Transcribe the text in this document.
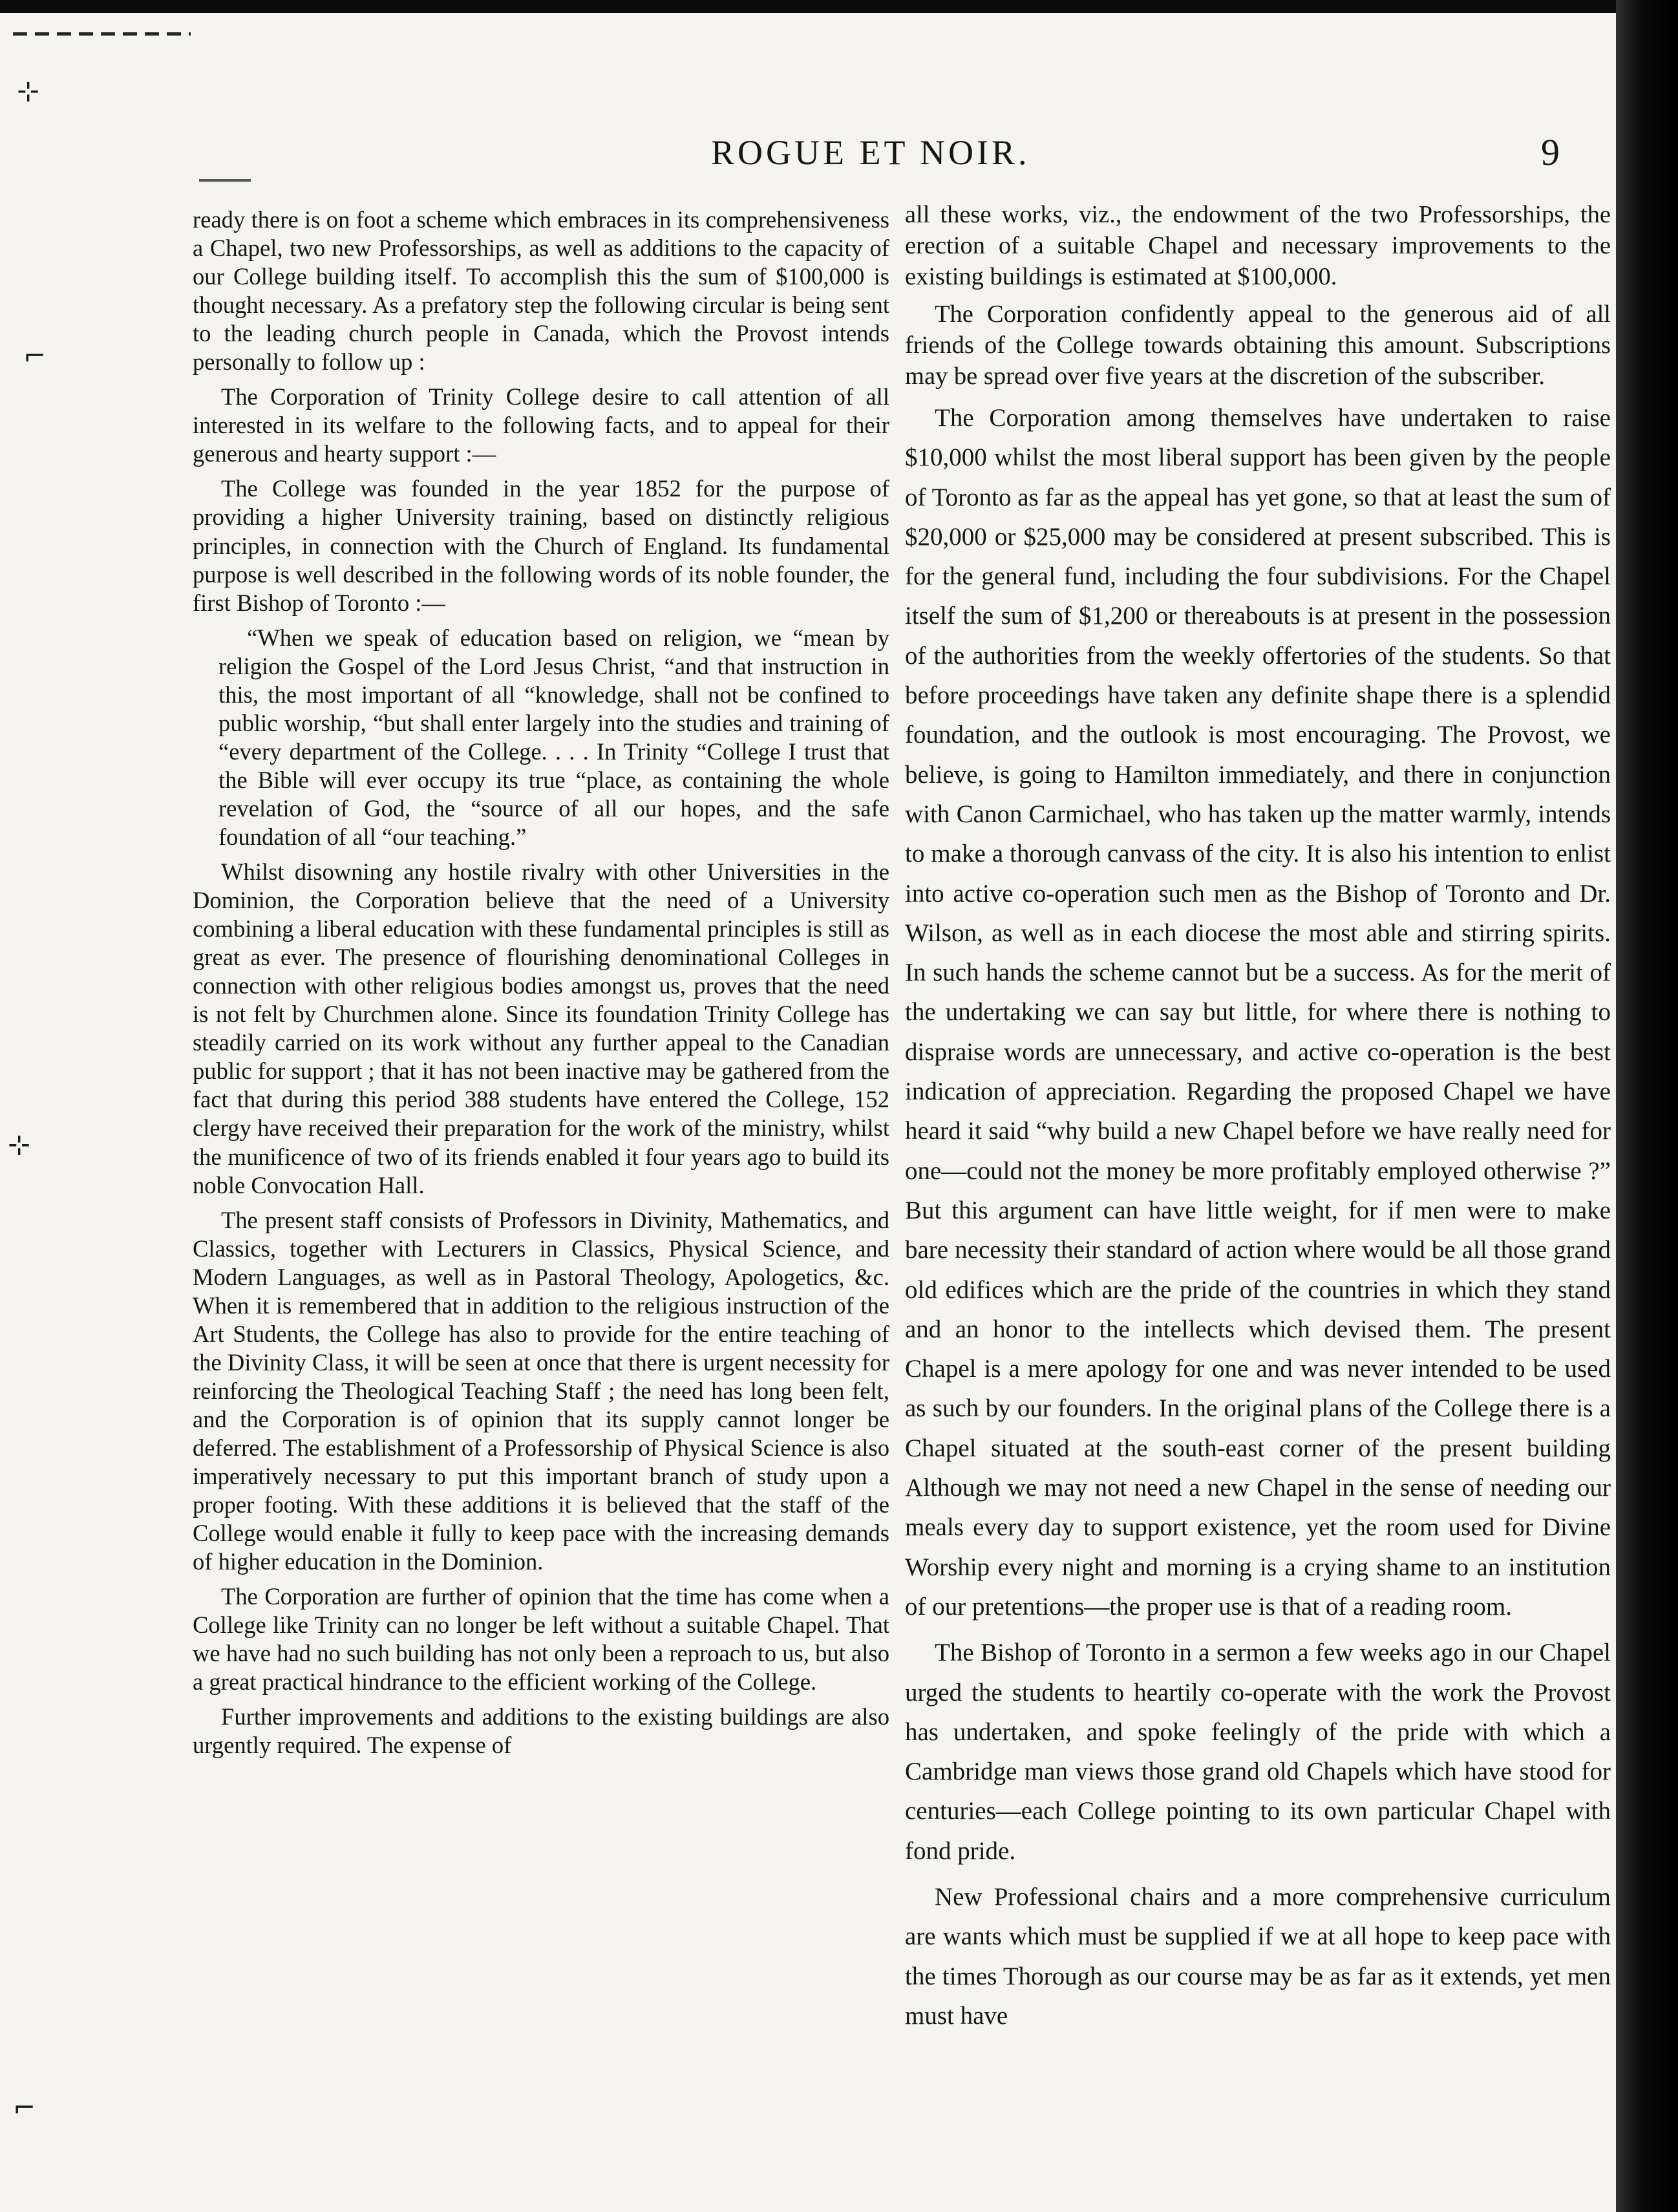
⊹
⌐
⊹
⌐
ROGUE ET NOIR.	9

ready there is on foot a scheme which embraces in its comprehensiveness a Chapel, two new Professorships, as well as additions to the capacity of our College building itself. To accomplish this the sum of $100,000 is thought necessary. As a prefatory step the following circular is being sent to the leading church people in Canada, which the Provost intends personally to follow up :

The Corporation of Trinity College desire to call attention of all interested in its welfare to the following facts, and to appeal for their generous and hearty support :—

The College was founded in the year 1852 for the purpose of providing a higher University training, based on distinctly religious principles, in connection with the Church of England. Its fundamental purpose is well described in the following words of its noble founder, the first Bishop of Toronto :—

“When we speak of education based on religion, we “mean by religion the Gospel of the Lord Jesus Christ, “and that instruction in this, the most important of all “knowledge, shall not be confined to public worship, “but shall enter largely into the studies and training of “every department of the College. . . . In Trinity “College I trust that the Bible will ever occupy its true “place, as containing the whole revelation of God, the “source of all our hopes, and the safe foundation of all “our teaching.”

Whilst disowning any hostile rivalry with other Universities in the Dominion, the Corporation believe that the need of a University combining a liberal education with these fundamental principles is still as great as ever. The presence of flourishing denominational Colleges in connection with other religious bodies amongst us, proves that the need is not felt by Churchmen alone. Since its foundation Trinity College has steadily carried on its work without any further appeal to the Canadian public for support ; that it has not been inactive may be gathered from the fact that during this period 388 students have entered the College, 152 clergy have received their preparation for the work of the ministry, whilst the munificence of two of its friends enabled it four years ago to build its noble Convocation Hall.

The present staff consists of Professors in Divinity, Mathematics, and Classics, together with Lecturers in Classics, Physical Science, and Modern Languages, as well as in Pastoral Theology, Apologetics, &c. When it is remembered that in addition to the religious instruction of the Art Students, the College has also to provide for the entire teaching of the Divinity Class, it will be seen at once that there is urgent necessity for reinforcing the Theological Teaching Staff ; the need has long been felt, and the Corporation is of opinion that its supply cannot longer be deferred. The establishment of a Professorship of Physical Science is also imperatively necessary to put this important branch of study upon a proper footing. With these additions it is believed that the staff of the College would enable it fully to keep pace with the increasing demands of higher education in the Dominion.

The Corporation are further of opinion that the time has come when a College like Trinity can no longer be left without a suitable Chapel. That we have had no such building has not only been a reproach to us, but also a great practical hindrance to the efficient working of the College.

Further improvements and additions to the existing buildings are also urgently required. The expense of

all these works, viz., the endowment of the two Professorships, the erection of a suitable Chapel and necessary improvements to the existing buildings is estimated at $100,000.

The Corporation confidently appeal to the generous aid of all friends of the College towards obtaining this amount. Subscriptions may be spread over five years at the discretion of the subscriber.

The Corporation among themselves have undertaken to raise $10,000 whilst the most liberal support has been given by the people of Toronto as far as the appeal has yet gone, so that at least the sum of $20,000 or $25,000 may be considered at present subscribed. This is for the general fund, including the four subdivisions. For the Chapel itself the sum of $1,200 or thereabouts is at present in the possession of the authorities from the weekly offertories of the students. So that before proceedings have taken any definite shape there is a splendid foundation, and the outlook is most encouraging. The Provost, we believe, is going to Hamilton immediately, and there in conjunction with Canon Carmichael, who has taken up the matter warmly, intends to make a thorough canvass of the city. It is also his intention to enlist into active co-operation such men as the Bishop of Toronto and Dr. Wilson, as well as in each diocese the most able and stirring spirits. In such hands the scheme cannot but be a success. As for the merit of the undertaking we can say but little, for where there is nothing to dispraise words are unnecessary, and active co-operation is the best indication of appreciation. Regarding the proposed Chapel we have heard it said “why build a new Chapel before we have really need for one—could not the money be more profitably employed otherwise ?” But this argument can have little weight, for if men were to make bare necessity their standard of action where would be all those grand old edifices which are the pride of the countries in which they stand and an honor to the intellects which devised them. The present Chapel is a mere apology for one and was never intended to be used as such by our founders. In the original plans of the College there is a Chapel situated at the south-east corner of the present building Although we may not need a new Chapel in the sense of needing our meals every day to support existence, yet the room used for Divine Worship every night and morning is a crying shame to an institution of our pretentions—the proper use is that of a reading room.

The Bishop of Toronto in a sermon a few weeks ago in our Chapel urged the students to heartily co-operate with the work the Provost has undertaken, and spoke feelingly of the pride with which a Cambridge man views those grand old Chapels which have stood for centuries—each College pointing to its own particular Chapel with fond pride.

New Professional chairs and a more comprehensive curriculum are wants which must be supplied if we at all hope to keep pace with the times Thorough as our course may be as far as it extends, yet men must have
